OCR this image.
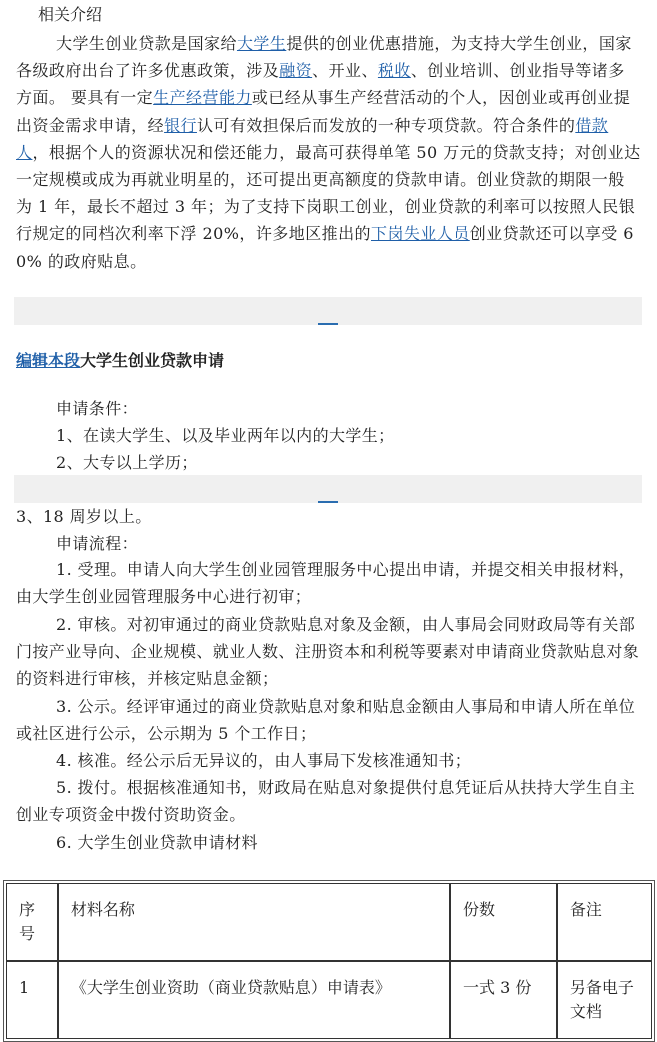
相关介绍
大学生创业贷款是国家给大学生提供的创业优惠措施，为支持大学生创业，国家各级政府出台了许多优惠政策，涉及融资、开业、税收、创业培训、创业指导等诸多方面。 要具有一定生产经营能力或已经从事生产经营活动的个人，因创业或再创业提出资金需求申请，经银行认可有效担保后而发放的一种专项贷款。符合条件的借款人，根据个人的资源状况和偿还能力，最高可获得单笔 50 万元的贷款支持；对创业达一定规模或成为再就业明星的，还可提出更高额度的贷款申请。创业贷款的期限一般为 1 年，最长不超过 3 年；为了支持下岗职工创业，创业贷款的利率可以按照人民银行规定的同档次利率下浮 20%，许多地区推出的下岗失业人员创业贷款还可以享受 60% 的政府贴息。
编辑本段大学生创业贷款申请
申请条件：
1、在读大学生、以及毕业两年以内的大学生；
2、大专以上学历；
3、18 周岁以上。
申请流程：
1. 受理。申请人向大学生创业园管理服务中心提出申请，并提交相关申报材料，由大学生创业园管理服务中心进行初审；
2. 审核。对初审通过的商业贷款贴息对象及金额，由人事局会同财政局等有关部门按产业导向、企业规模、就业人数、注册资本和利税等要素对申请商业贷款贴息对象的资料进行审核，并核定贴息金额；
3. 公示。经评审通过的商业贷款贴息对象和贴息金额由人事局和申请人所在单位或社区进行公示，公示期为 5 个工作日；
4. 核准。经公示后无异议的，由人事局下发核准通知书；
5. 拨付。根据核准通知书，财政局在贴息对象提供付息凭证后从扶持大学生自主创业专项资金中拨付资助资金。
6. 大学生创业贷款申请材料
序号	材料名称	份数	备注
1	《大学生创业资助（商业贷款贴息）申请表》	一式 3 份	另备电子文档
